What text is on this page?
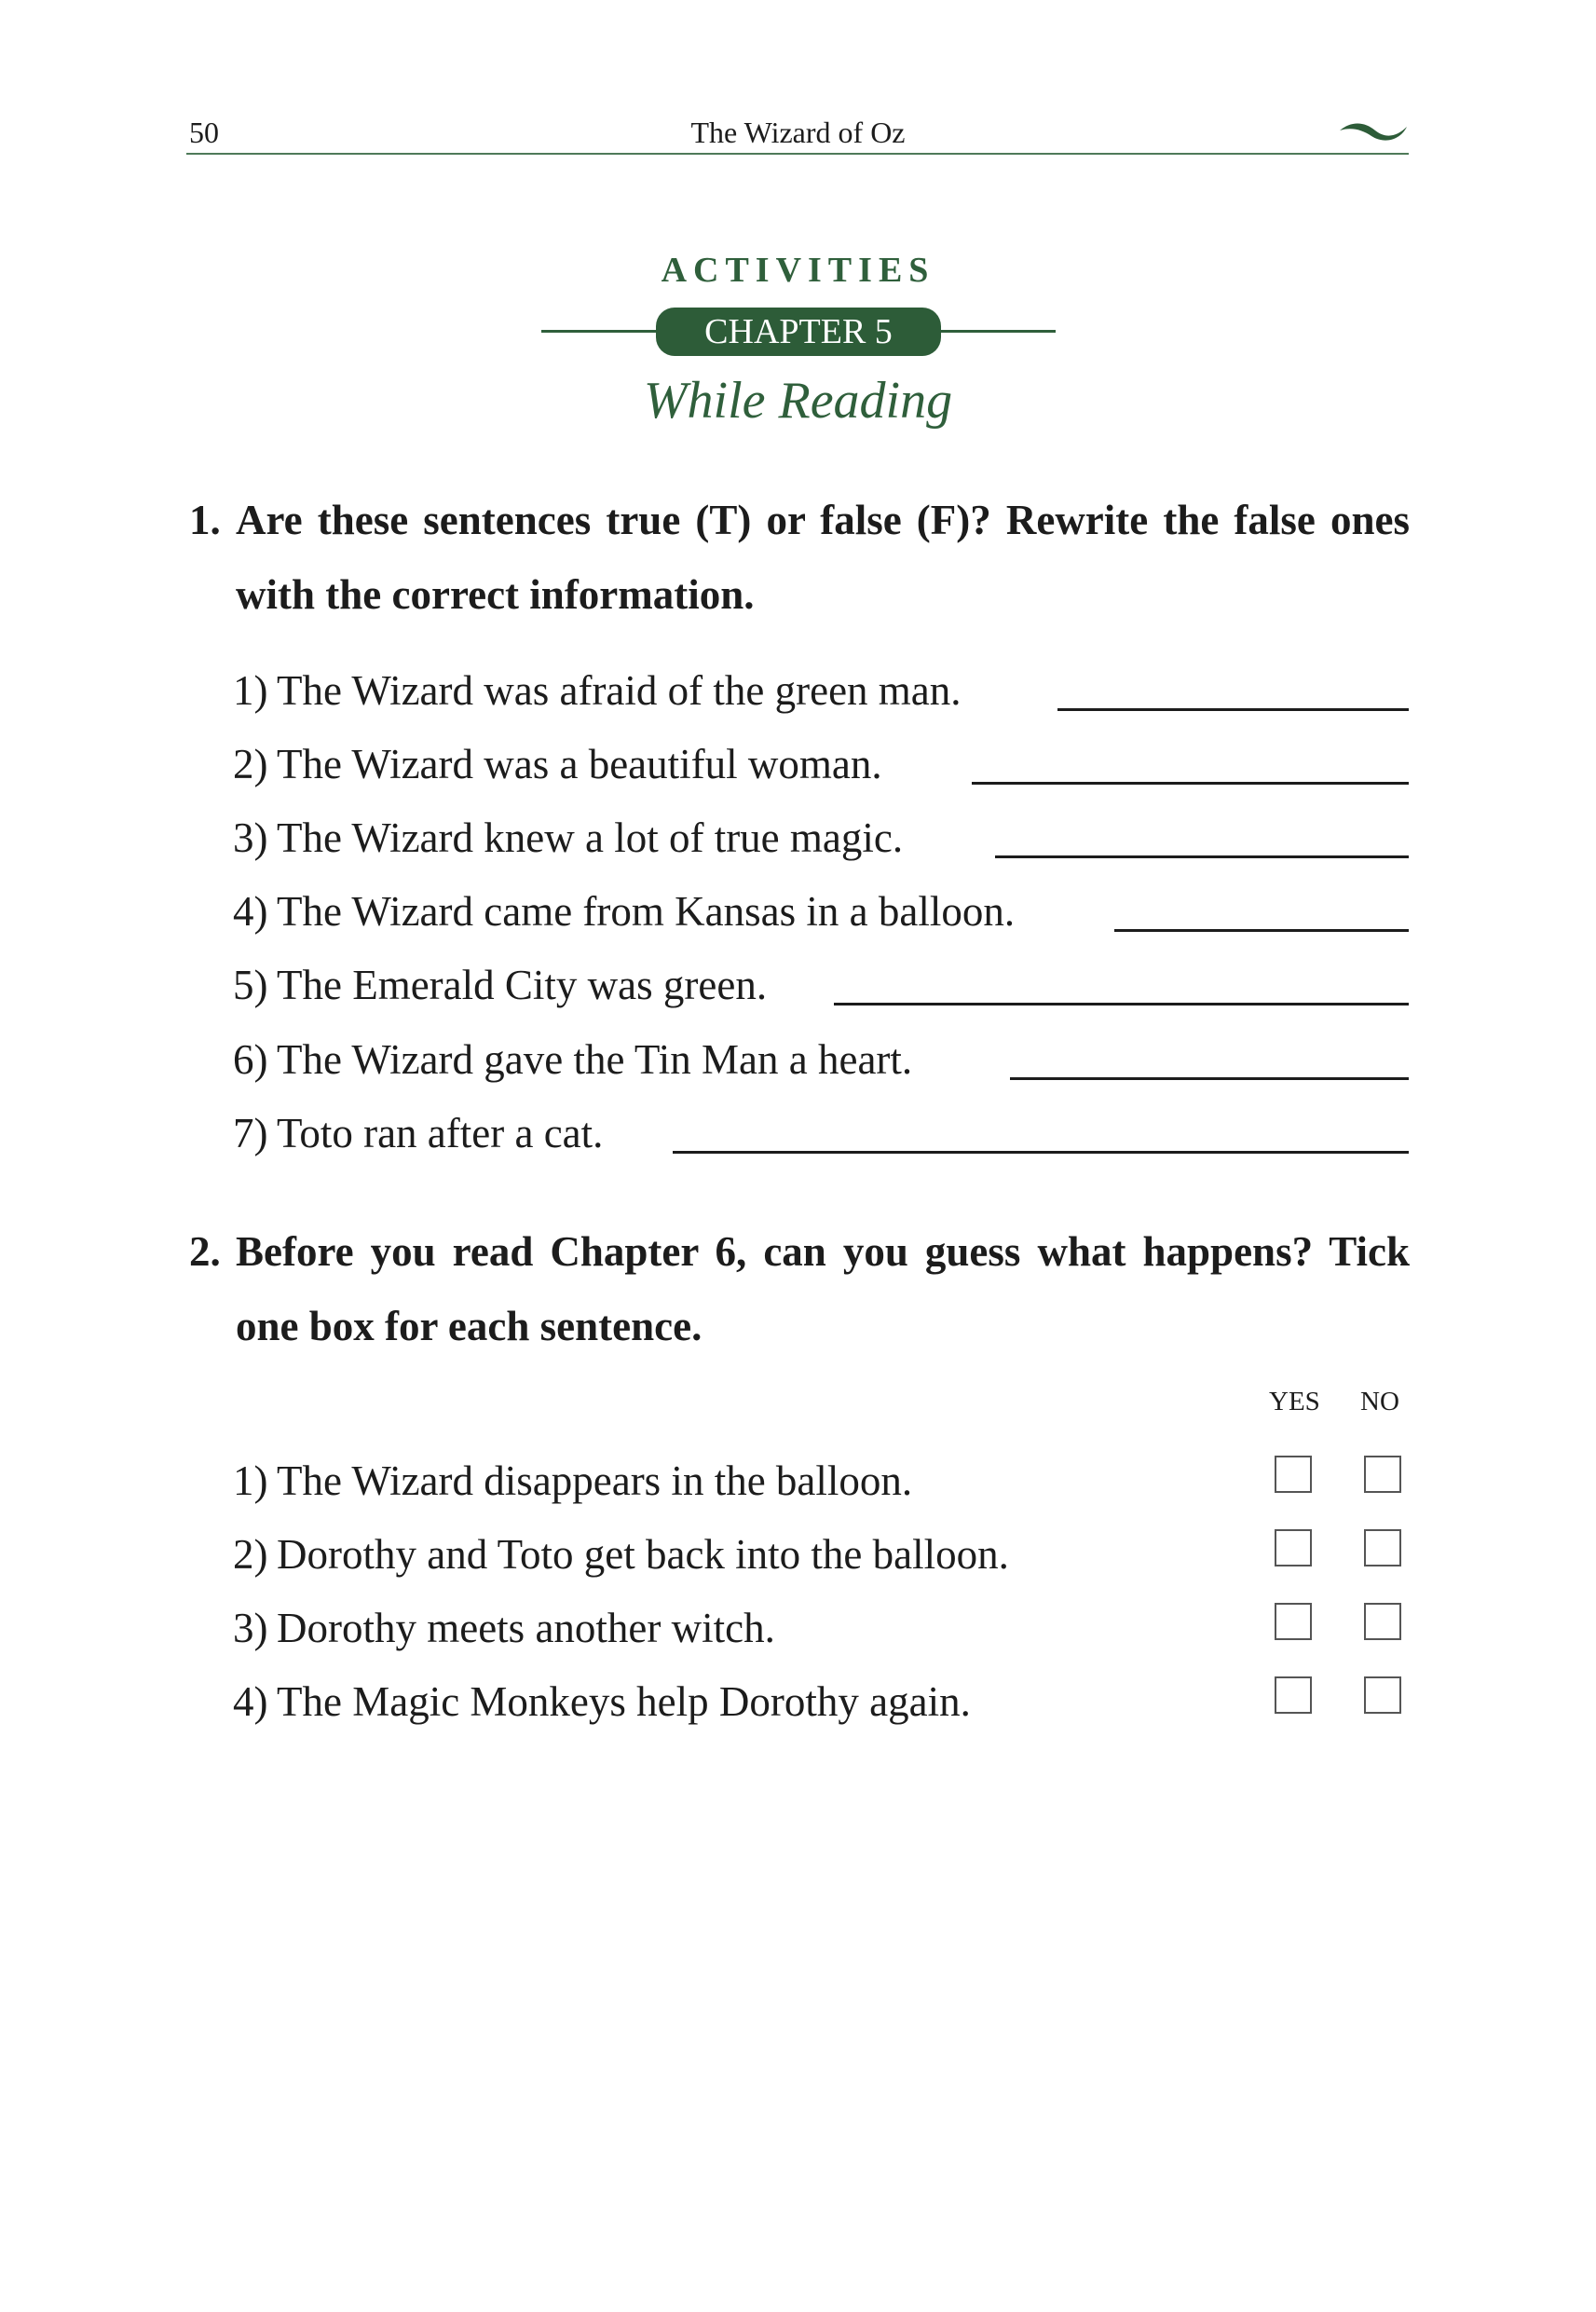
50	The Wizard of Oz
ACTIVITIES
CHAPTER 5
While Reading
1. Are these sentences true (T) or false (F)? Rewrite the false ones with the correct information.
1) The Wizard was afraid of the green man.
2) The Wizard was a beautiful woman.
3) The Wizard knew a lot of true magic.
4) The Wizard came from Kansas in a balloon.
5) The Emerald City was green.
6) The Wizard gave the Tin Man a heart.
7) Toto ran after a cat.
2. Before you read Chapter 6, can you guess what happens? Tick one box for each sentence.
YES NO
1) The Wizard disappears in the balloon.
2) Dorothy and Toto get back into the balloon.
3) Dorothy meets another witch.
4) The Magic Monkeys help Dorothy again.
